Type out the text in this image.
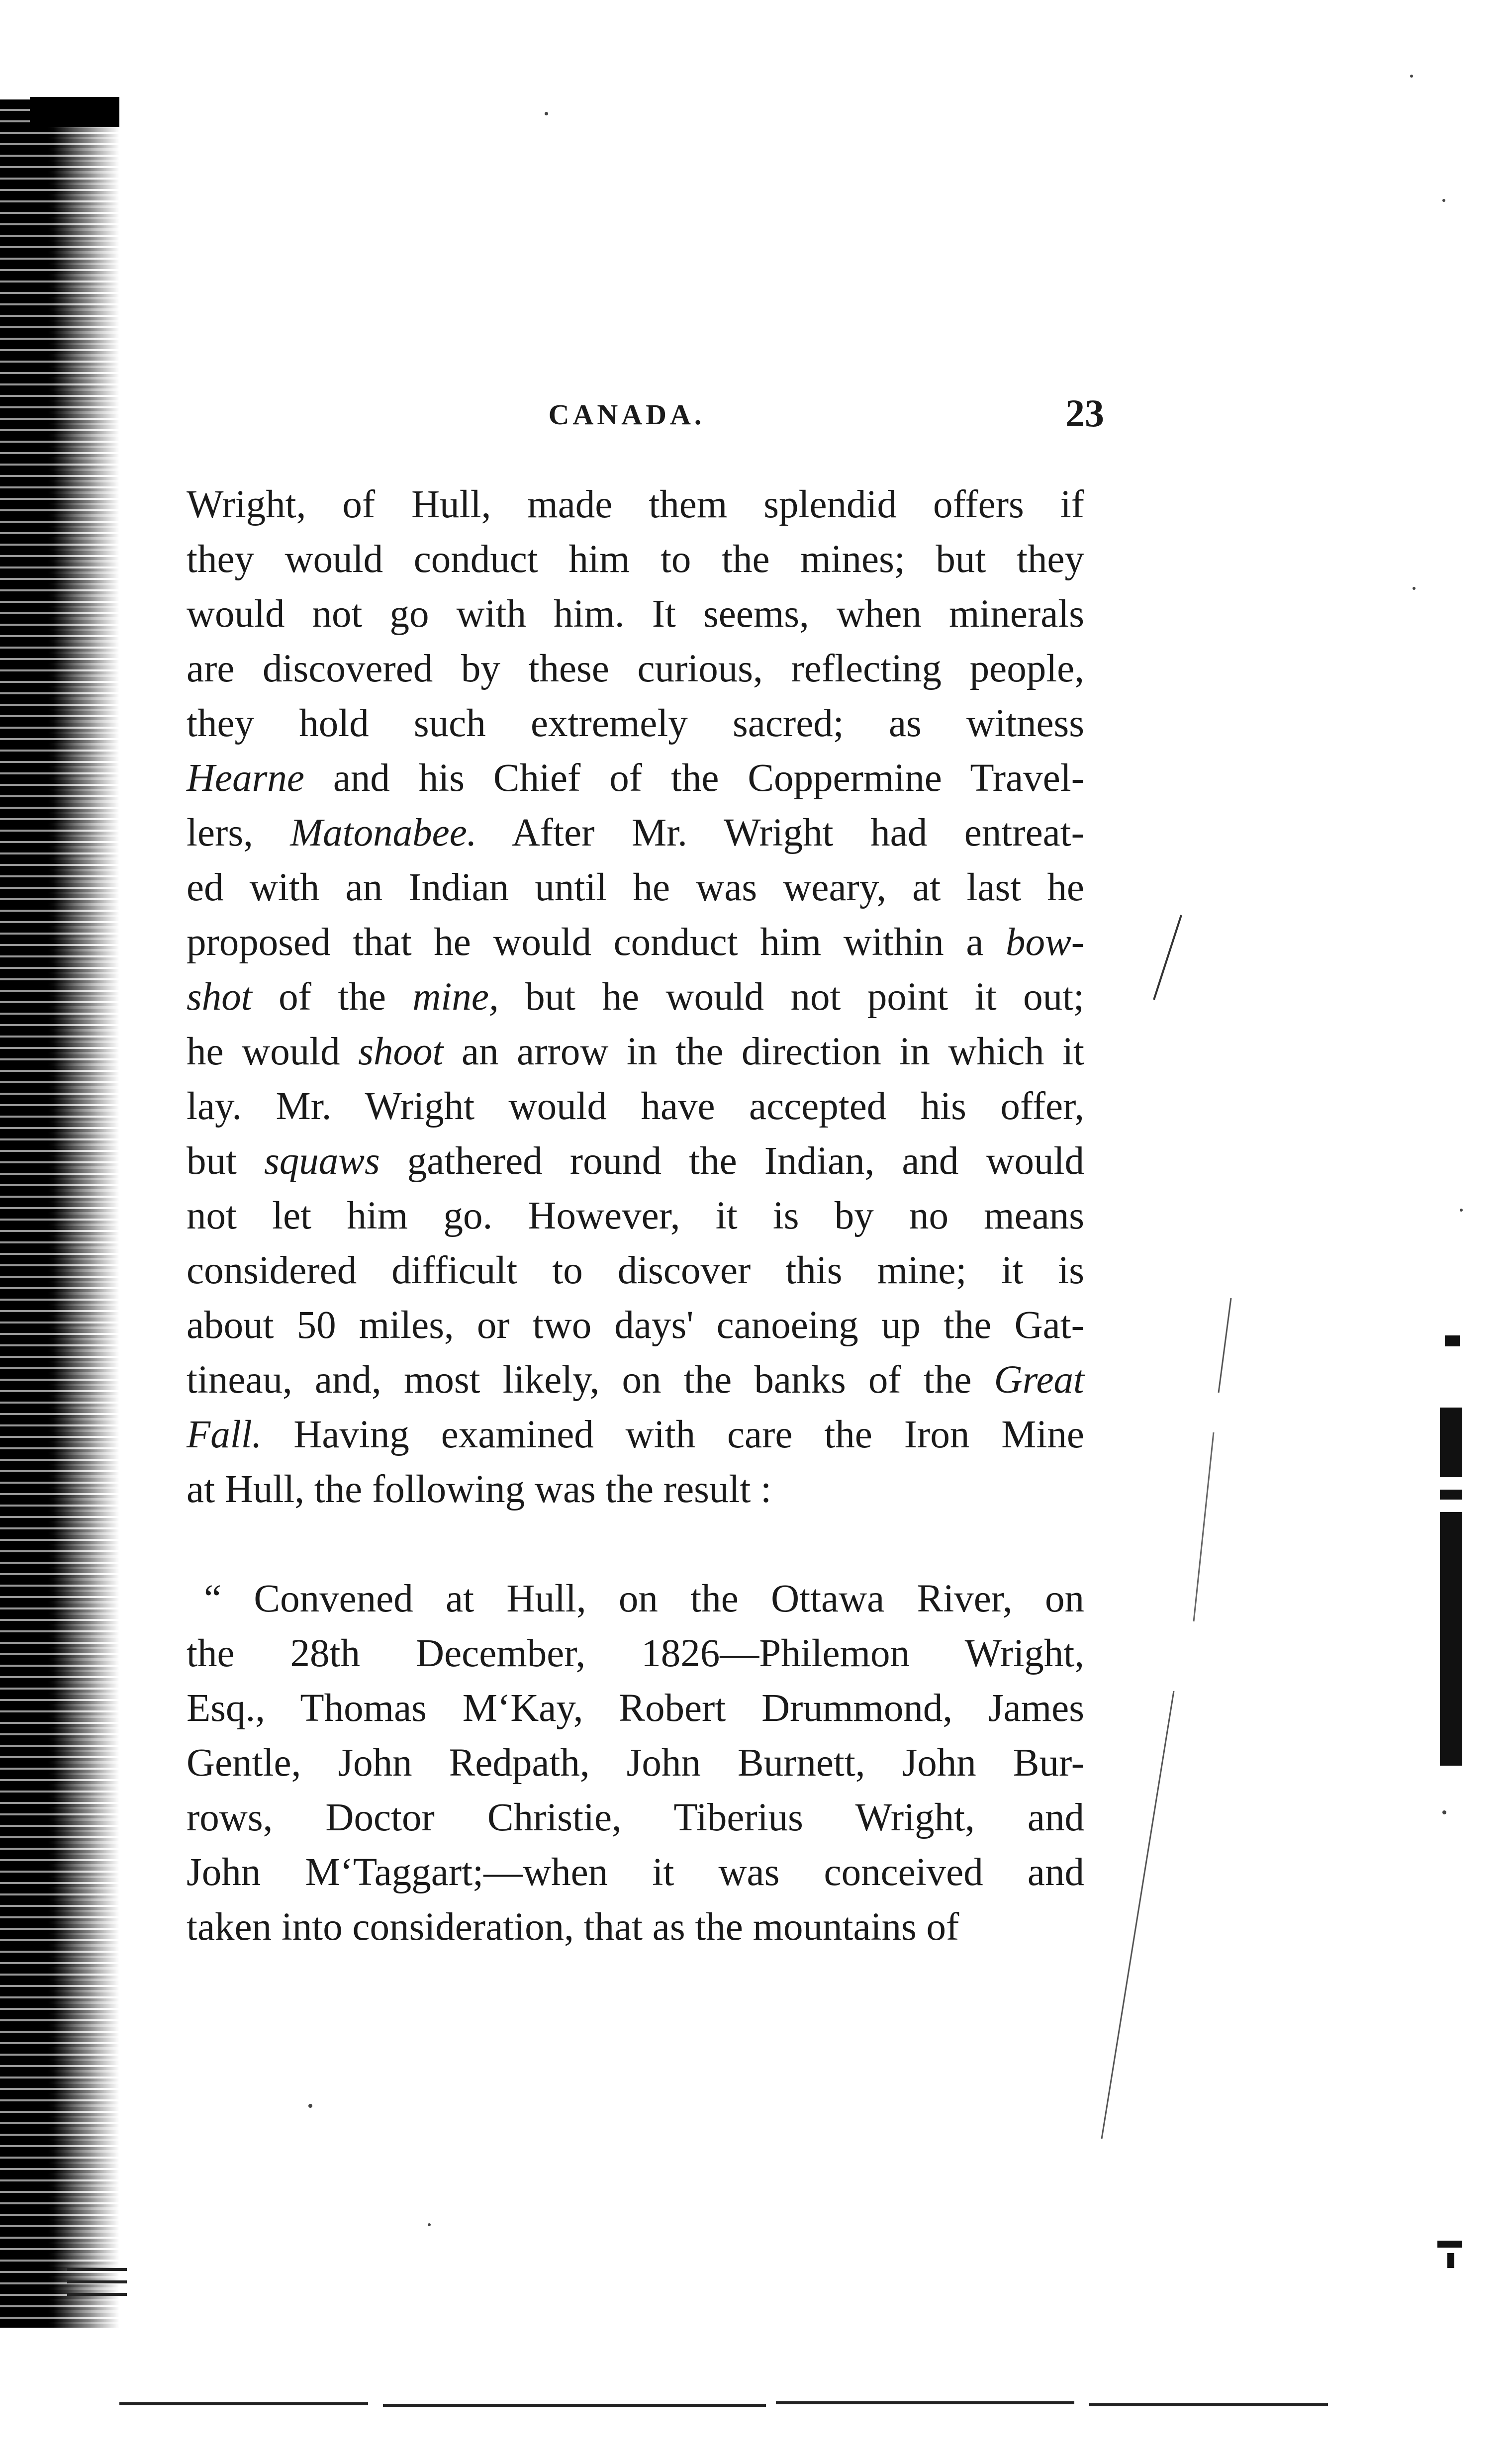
CANADA.	23
Wright, of Hull, made them splendid offers if
they would conduct him to the mines; but they
would not go with him. It seems, when minerals
are discovered by these curious, reflecting people,
they hold such extremely sacred; as witness
Hearne and his Chief of the Coppermine Travel-
lers, Matonabee. After Mr. Wright had entreat-
ed with an Indian until he was weary, at last he
proposed that he would conduct him within a bow-
shot of the mine, but he would not point it out;
he would shoot an arrow in the direction in which it
lay. Mr. Wright would have accepted his offer,
but squaws gathered round the Indian, and would
not let him go. However, it is by no means
considered difficult to discover this mine; it is
about 50 miles, or two days' canoeing up the Gat-
tineau, and, most likely, on the banks of the Great
Fall. Having examined with care the Iron Mine
at Hull, the following was the result :
“ Convened at Hull, on the Ottawa River, on
the 28th December, 1826—Philemon Wright,
Esq., Thomas M‘Kay, Robert Drummond, James
Gentle, John Redpath, John Burnett, John Bur-
rows, Doctor Christie, Tiberius Wright, and
John M‘Taggart;—when it was conceived and
taken into consideration, that as the mountains of
